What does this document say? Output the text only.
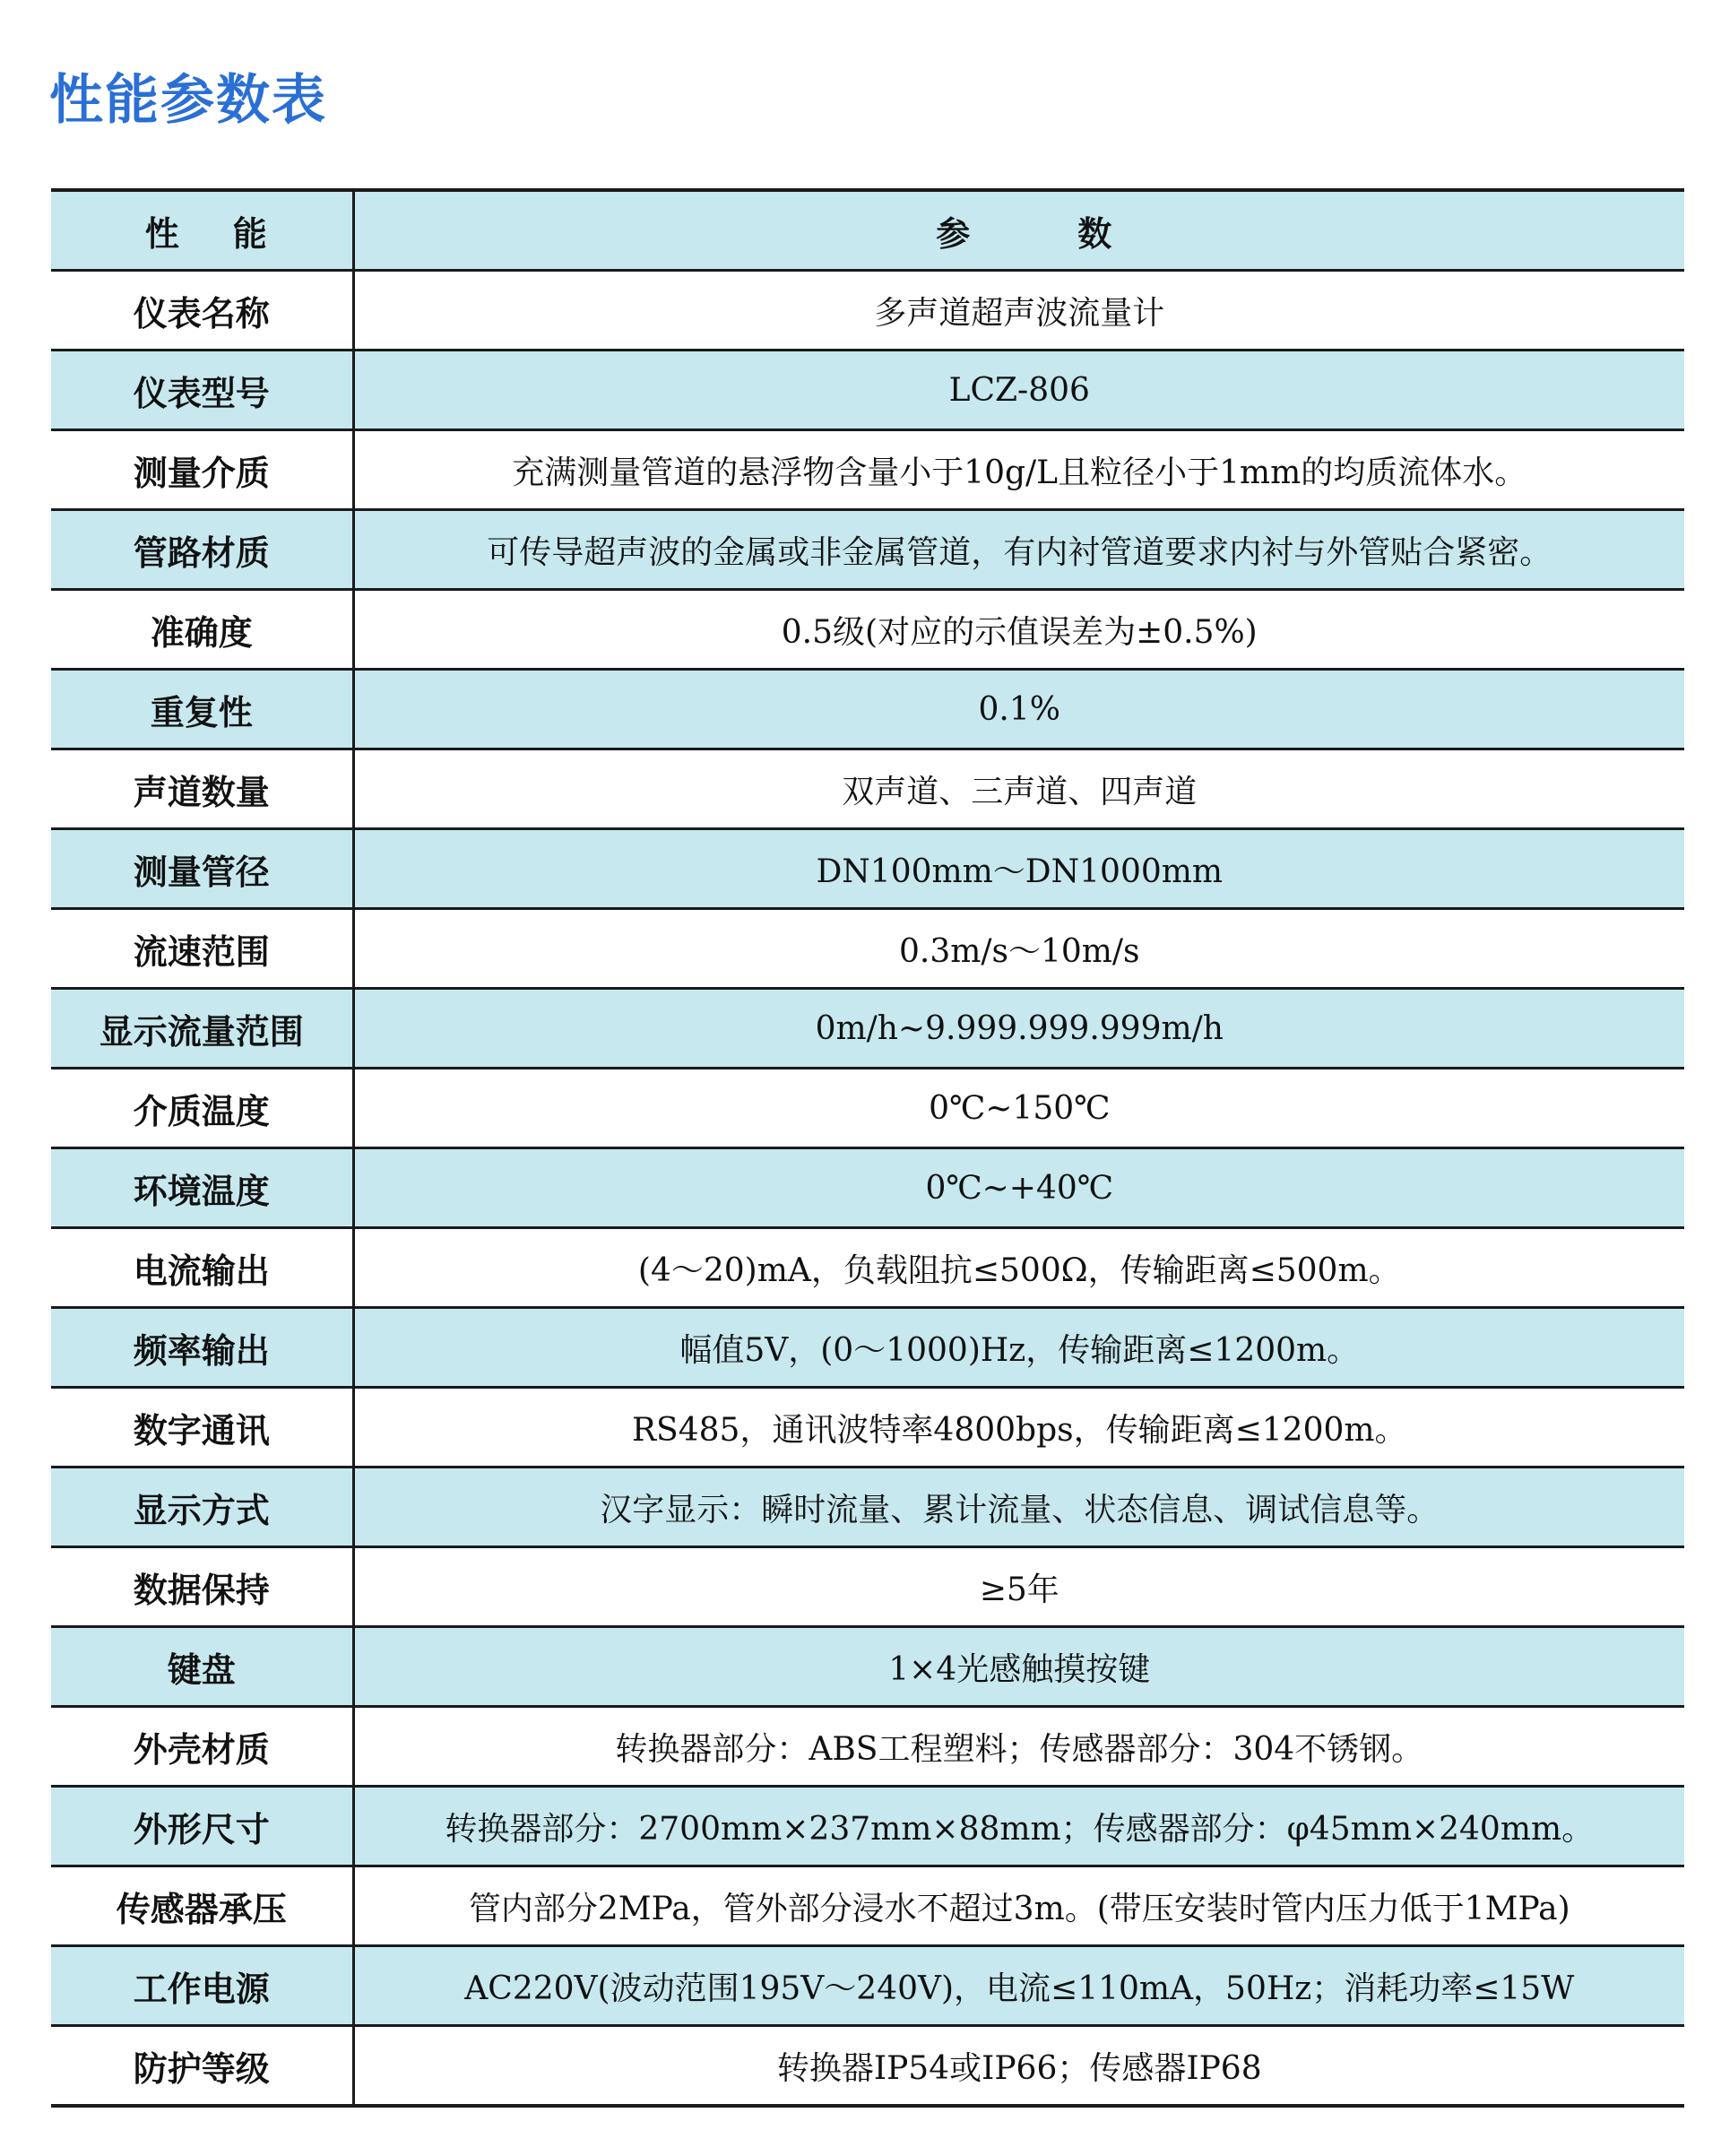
性能参数表
性能	参数
仪表名称	多声道超声波流量计
仪表型号	LCZ-806
测量介质	充满测量管道的悬浮物含量小于10g/L且粒径小于1mm的均质流体水。
管路材质	可传导超声波的金属或非金属管道，有内衬管道要求内衬与外管贴合紧密。
准确度	0.5级(对应的示值误差为±0.5%)
重复性	0.1%
声道数量	双声道、三声道、四声道
测量管径	DN100mm～DN1000mm
流速范围	0.3m/s～10m/s
显示流量范围	0m/h~9.999.999.999m/h
介质温度	0℃~150℃
环境温度	0℃~+40℃
电流输出	(4～20)mA，负载阻抗≤500Ω，传输距离≤500m。
频率输出	幅值5V，(0～1000)Hz，传输距离≤1200m。
数字通讯	RS485，通讯波特率4800bps，传输距离≤1200m。
显示方式	汉字显示：瞬时流量、累计流量、状态信息、调试信息等。
数据保持	≥5年
键盘	1×4光感触摸按键
外壳材质	转换器部分：ABS工程塑料；传感器部分：304不锈钢。
外形尺寸	转换器部分：2700mm×237mm×88mm；传感器部分：φ45mm×240mm。
传感器承压	管内部分2MPa，管外部分浸水不超过3m。(带压安装时管内压力低于1MPa)
工作电源	AC220V(波动范围195V～240V)，电流≤110mA，50Hz；消耗功率≤15W
防护等级	转换器IP54或IP66；传感器IP68
